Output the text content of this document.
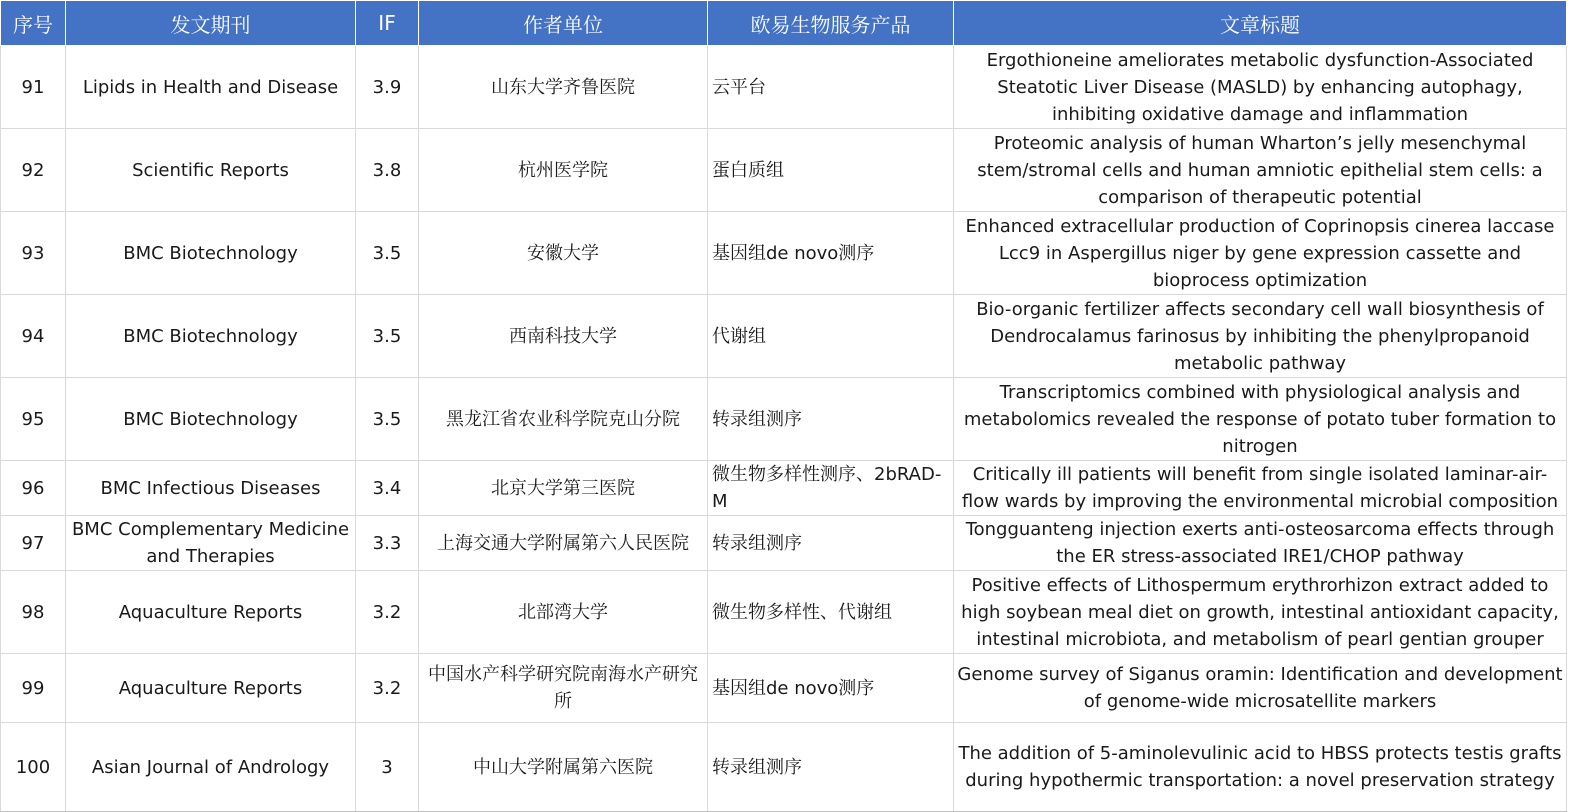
序号	发文期刊	IF	作者单位	欧易生物服务产品	文章标题
91	Lipids in Health and Disease	3.9	山东大学齐鲁医院	云平台	Ergothioneine ameliorates metabolic dysfunction-Associated Steatotic Liver Disease (MASLD) by enhancing autophagy, inhibiting oxidative damage and inflammation
92	Scientific Reports	3.8	杭州医学院	蛋白质组	Proteomic analysis of human Wharton’s jelly mesenchymal stem/stromal cells and human amniotic epithelial stem cells: a comparison of therapeutic potential
93	BMC Biotechnology	3.5	安徽大学	基因组de novo测序	Enhanced extracellular production of Coprinopsis cinerea laccase Lcc9 in Aspergillus niger by gene expression cassette and bioprocess optimization
94	BMC Biotechnology	3.5	西南科技大学	代谢组	Bio-organic fertilizer affects secondary cell wall biosynthesis of Dendrocalamus farinosus by inhibiting the phenylpropanoid metabolic pathway
95	BMC Biotechnology	3.5	黑龙江省农业科学院克山分院	转录组测序	Transcriptomics combined with physiological analysis and metabolomics revealed the response of potato tuber formation to nitrogen
96	BMC Infectious Diseases	3.4	北京大学第三医院	微生物多样性测序、2bRAD-M	Critically ill patients will benefit from single isolated laminar-air-flow wards by improving the environmental microbial composition
97	BMC Complementary Medicine and Therapies	3.3	上海交通大学附属第六人民医院	转录组测序	Tongguanteng injection exerts anti-osteosarcoma effects through the ER stress-associated IRE1/CHOP pathway
98	Aquaculture Reports	3.2	北部湾大学	微生物多样性、代谢组	Positive effects of Lithospermum erythrorhizon extract added to high soybean meal diet on growth, intestinal antioxidant capacity, intestinal microbiota, and metabolism of pearl gentian grouper
99	Aquaculture Reports	3.2	中国水产科学研究院南海水产研究所	基因组de novo测序	Genome survey of Siganus oramin: Identification and development of genome-wide microsatellite markers
100	Asian Journal of Andrology	3	中山大学附属第六医院	转录组测序	The addition of 5-aminolevulinic acid to HBSS protects testis grafts during hypothermic transportation: a novel preservation strategy
